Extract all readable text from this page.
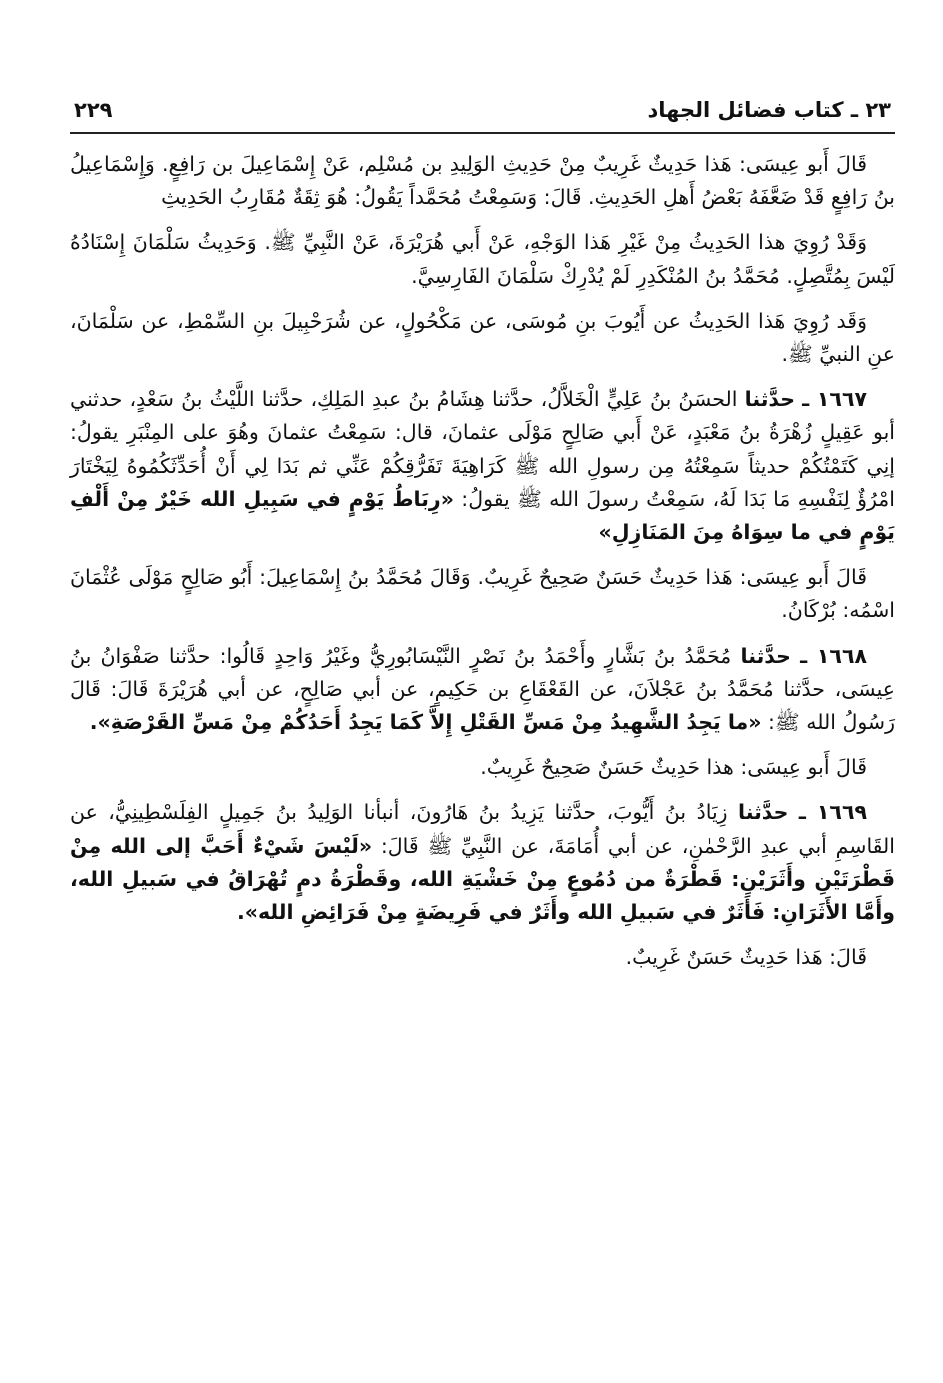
٢٣ ـ كتاب فضائل الجهاد
٢٢٩

قَالَ أَبو عِيسَى: هَذا حَدِيثٌ غَرِيبٌ مِنْ حَدِيثِ الوَلِيدِ بن مُسْلِم، عَنْ إِسْمَاعِيلَ بن رَافِعٍ. وَإِسْمَاعِيلُ بنُ رَافِعٍ قَدْ ضَعَّفَهُ بَعْضُ أَهلِ الحَدِيثِ. قَالَ: وَسَمِعْتُ مُحَمَّداً يَقُولُ: هُوَ ثِقَةٌ مُقَارِبُ الحَدِيثِ

وَقَدْ رُوِيَ هذا الحَدِيثُ مِنْ غَيْرِ هَذا الوَجْهِ، عَنْ أَبي هُرَيْرَةَ، عَنْ النَّبِيِّ ﷺ. وَحَدِيثُ سَلْمَانَ إِسْنَادُهُ لَيْسَ بِمُتَّصِلٍ. مُحَمَّدُ بنُ المُنْكَدِرِ لَمْ يُدْرِكْ سَلْمَانَ الفَارِسِيَّ.

وَقَد رُوِيَ هَذا الحَدِيثُ عن أَيُوبَ بنِ مُوسَى، عن مَكْحُولٍ، عن شُرَحْبِيلَ بنِ السِّمْطِ، عن سَلْمَانَ، عنِ النبيِّ ﷺ.

١٦٦٧ ـ حدَّثنا الحسَنُ بنُ عَلِيٍّ الْخَلاَّلُ، حدَّثنا هِشَامُ بنُ عبدِ المَلِكِ، حدَّثنا اللَّيْثُ بنُ سَعْدٍ، حدثني أبو عَقِيلٍ زُهْرَةُ بنُ مَعْبَدٍ، عَنْ أَبي صَالِحٍ مَوْلَى عثمانَ، قال: سَمِعْتُ عثمانَ وهُوَ على المِنْبَرِ يقولُ: إنِي كَتَمْتُكُمْ حديثاً سَمِعْتُهُ مِن رسولِ الله ﷺ كَرَاهِيَةَ تَفَرُّقِكُمْ عَنِّي ثم بَدَا لِي أَنْ أُحَدِّثَكُمُوهُ لِيَخْتَارَ امْرُؤٌ لِنَفْسِهِ مَا بَدَا لَهُ، سَمِعْتُ رسولَ الله ﷺ يقولُ: «رِبَاطُ يَوْمٍ في سَبِيلِ الله خَيْرٌ مِنْ أَلْفِ يَوْمٍ في ما سِوَاهُ مِنَ المَنَازِلِ»

قَالَ أَبو عِيسَى: هَذا حَدِيثٌ حَسَنٌ صَحِيحٌ غَرِيبٌ. وَقَالَ مُحَمَّدُ بنُ إِسْمَاعِيلَ: أَبُو صَالِحٍ مَوْلَى عُثْمَانَ اسْمُه: بُرْكَانُ.

١٦٦٨ ـ حدَّثنا مُحَمَّدُ بنُ بَشَّارٍ وأَحْمَدُ بنُ نَصْرٍ النَّيْسَابُورِيُّ وغَيْرُ وَاحِدٍ قَالُوا: حدَّثنا صَفْوَانُ بنُ عِيسَى، حدَّثنا مُحَمَّدُ بنُ عَجْلاَنَ، عن القَعْقَاعِ بن حَكِيمٍ، عن أبي صَالِحٍ، عن أبي هُرَيْرَةَ قَالَ: قَالَ رَسُولُ الله ﷺ: «ما يَجِدُ الشَّهِيدُ مِنْ مَسِّ القَتْلِ إِلاَّ كَمَا يَجِدُ أَحَدُكُمْ مِنْ مَسِّ القَرْصَةِ».

قَالَ أَبو عِيسَى: هذا حَدِيثٌ حَسَنٌ صَحِيحٌ غَرِيبٌ.

١٦٦٩ ـ حدَّثنا زِيَادُ بنُ أَيُّوبَ، حدَّثنا يَزِيدُ بنُ هَارُونَ، أنبأنا الوَلِيدُ بنُ جَمِيلٍ الفِلَسْطِينِيُّ، عن القَاسِمِ أبي عبدِ الرَّحْمٰنِ، عن أبي أُمَامَةَ، عن النَّبِيِّ ﷺ قَالَ: «لَيْسَ شَيْءٌ أَحَبَّ إلى الله مِنْ قَطْرَتَيْنِ وأَثَرَيْنِ: قَطْرَةٌ من دُمُوعٍ مِنْ خَشْيَةِ الله، وقَطْرَةُ دمٍ تُهْرَاقُ في سَبيلِ الله، وأَمَّا الأَثَرَانِ: فَأَثَرٌ في سَبيلِ الله وأَثَرٌ في فَرِيضَةٍ مِنْ فَرَائِضِ الله».

قَالَ: هَذا حَدِيثٌ حَسَنٌ غَرِيبٌ.
